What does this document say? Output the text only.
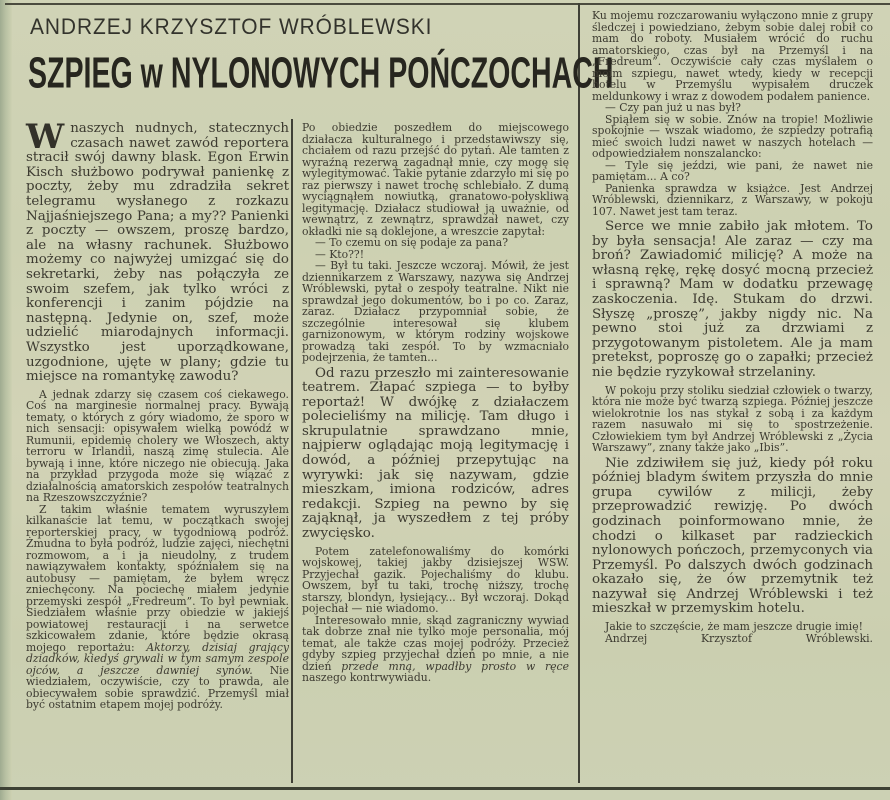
ANDRZEJ KRZYSZTOF WRÓBLEWSKI
SZPIEG w NYLONOWYCH POŃCZOCHACH

Wnaszych nudnych, statecznych czasach nawet zawód reportera stracił swój dawny blask. Egon Erwin Kisch służbowo podrywał panienkę z poczty, żeby mu zdradziła sekret telegramu wysłanego z rozkazu Najjaśniejszego Pana; a my?? Panienki z poczty — owszem, proszę bardzo, ale na własny rachunek. Służbowo możemy co najwyżej umizgać się do sekretarki, żeby nas połączyła ze swoim szefem, jak tylko wróci z konferencji i zanim pójdzie na następną. Jedynie on, szef, może udzielić miarodajnych informacji. Wszystko jest uporządkowane, uzgodnione, ujęte w plany; gdzie tu miejsce na romantykę zawodu?

A jednak zdarzy się czasem coś ciekawego. Coś na marginesie normalnej pracy. Bywają tematy, o których z góry wiadomo, że sporo w nich sensacji: opisywałem wielką powódź w Rumunii, epidemię cholery we Włoszech, akty terroru w Irlandii, naszą zimę stulecia. Ale bywają i inne, które niczego nie obiecują. Jaka na przykład przygoda może się wiązać z działalnością amatorskich zespołów teatralnych na Rzeszowszczyźnie?

Z takim właśnie tematem wyruszyłem kilkanaście lat temu, w początkach swojej reporterskiej pracy, w tygodniową podróż. Żmudna to była podróż, ludzie zajęci, niechętni rozmowom, a i ja nieudolny, z trudem nawiązywałem kontakty, spóźniałem się na autobusy — pamiętam, że byłem wręcz zniechęcony. Na pociechę miałem jedynie przemyski zespół „Fredreum”. To był pewniak. Siedziałem właśnie przy obiedzie w jakiejś powiatowej restauracji i na serwetce szkicowałem zdanie, które będzie okrasą mojego reportażu: Aktorzy, dzisiaj grający dziadków, kiedyś grywali w tym samym zespole ojców, a jeszcze dawniej synów. Nie wiedziałem, oczywiście, czy to prawda, ale obiecywałem sobie sprawdzić. Przemyśl miał być ostatnim etapem mojej podróży.

Po obiedzie poszedłem do miejscowego działacza kulturalnego i przedstawiwszy się, chciałem od razu przejść do pytań. Ale tamten z wyraźną rezerwą zagadnął mnie, czy mogę się wylegitymować. Takie pytanie zdarzyło mi się po raz pierwszy i nawet trochę schlebiało. Z dumą wyciągnąłem nowiutką, granatowo-połyskliwą legitymację. Działacz studiował ją uważnie, od wewnątrz, z zewnątrz, sprawdzał nawet, czy okładki nie są doklejone, a wreszcie zapytał:

— To czemu on się podaje za pana?

— Kto??!

— Był tu taki. Jeszcze wczoraj. Mówił, że jest dziennikarzem z Warszawy, nazywa się Andrzej Wróblewski, pytał o zespoły teatralne. Nikt nie sprawdzał jego dokumentów, bo i po co. Zaraz, zaraz. Działacz przypomniał sobie, że szczególnie interesował się klubem garnizonowym, w którym rodziny wojskowe prowadzą taki zespół. To by wzmacniało podejrzenia, że tamten...

Od razu przeszło mi zainteresowanie teatrem. Złapać szpiega — to byłby reportaż! W dwójkę z działaczem polecieliśmy na milicję. Tam długo i skrupulatnie sprawdzano mnie, najpierw oglądając moją legitymację i dowód, a później przepytując na wyrywki: jak się nazywam, gdzie mieszkam, imiona rodziców, adres redakcji. Szpieg na pewno by się zająknął, ja wyszedłem z tej próby zwycięsko.

Potem zatelefonowaliśmy do komórki wojskowej, takiej jakby dzisiejszej WSW. Przyjechał gazik. Pojechaliśmy do klubu. Owszem, był tu taki, trochę niższy, trochę starszy, blondyn, łysiejący... Był wczoraj. Dokąd pojechał — nie wiadomo.

Interesowało mnie, skąd zagraniczny wywiad tak dobrze znał nie tylko moje personalia, mój temat, ale także czas mojej podróży. Przecież gdyby szpieg przyjechał dzień po mnie, a nie dzień przede mną, wpadłby prosto w ręce naszego kontrwywiadu.

Ku mojemu rozczarowaniu wyłączono mnie z grupy śledczej i powiedziano, żebym sobie dalej robił co mam do roboty. Musiałem wrócić do ruchu amatorskiego, czas był na Przemyśl i na „Fredreum”. Oczywiście cały czas myślałem o moim szpiegu, nawet wtedy, kiedy w recepcji hotelu w Przemyślu wypisałem druczek meldunkowy i wraz z dowodem podałem panience.

— Czy pan już u nas był?

Spiąłem się w sobie. Znów na tropie! Możliwie spokojnie — wszak wiadomo, że szpiedzy potrafią mieć swoich ludzi nawet w naszych hotelach — odpowiedziałem nonszalancko:

— Tyle się jeździ, wie pani, że nawet nie pamiętam... A co?

Panienka sprawdza w książce. Jest Andrzej Wróblewski, dziennikarz, z Warszawy, w pokoju 107. Nawet jest tam teraz.

Serce we mnie zabiło jak młotem. To by była sensacja! Ale zaraz — czy ma broń? Zawiadomić milicję? A może na własną rękę, rękę dosyć mocną przecież i sprawną? Mam w dodatku przewagę zaskoczenia. Idę. Stukam do drzwi. Słyszę „proszę”, jakby nigdy nic. Na pewno stoi już za drzwiami z przygotowanym pistoletem. Ale ja mam pretekst, poproszę go o zapałki; przecież nie będzie ryzykował strzelaniny.

W pokoju przy stoliku siedział człowiek o twarzy, która nie może być twarzą szpiega. Później jeszcze wielokrotnie los nas stykał z sobą i za każdym razem nasuwało mi się to spostrzeżenie. Człowiekiem tym był Andrzej Wróblewski z „Życia Warszawy”, znany także jako „Ibis”.

Nie zdziwiłem się już, kiedy pół roku później bladym świtem przyszła do mnie grupa cywilów z milicji, żeby przeprowadzić rewizję. Po dwóch godzinach poinformowano mnie, że chodzi o kilkaset par radzieckich nylonowych pończoch, przemyconych via Przemyśl. Po dalszych dwóch godzinach okazało się, że ów przemytnik też nazywał się Andrzej Wróblewski i też mieszkał w przemyskim hotelu.

Jakie to szczęście, że mam jeszcze drugie imię!

Andrzej Krzysztof Wróblewski.
